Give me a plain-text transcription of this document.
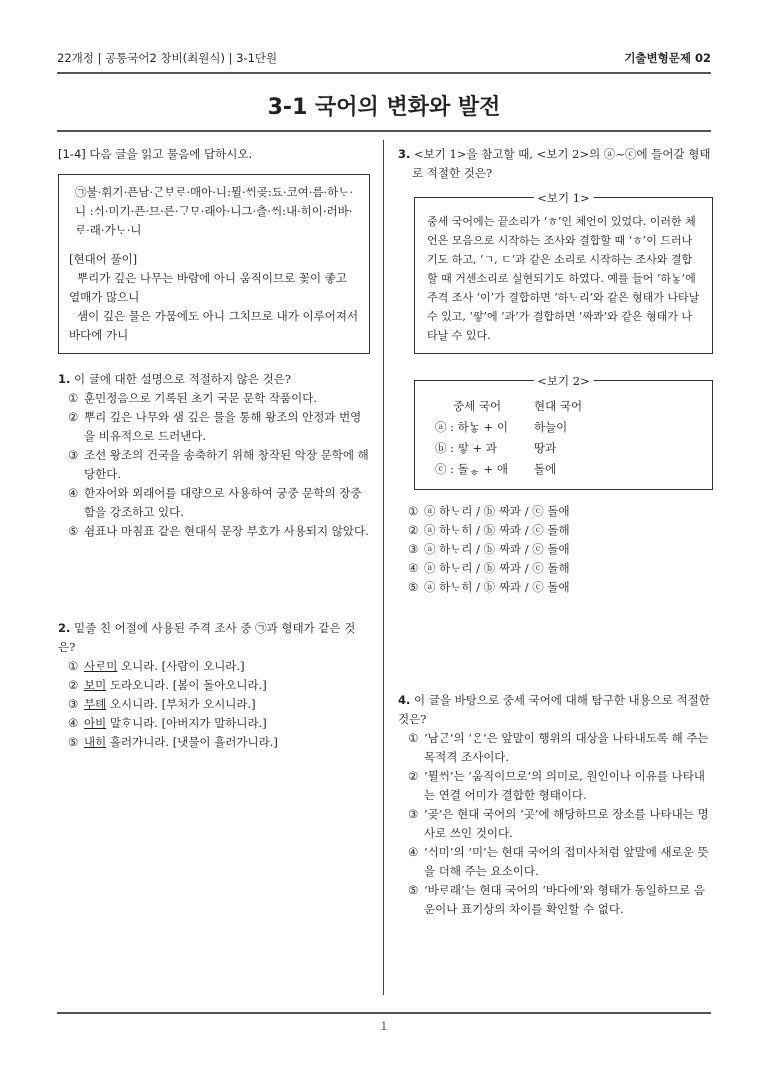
22개정 | 공통국어2 창비(최원식) | 3-1단원	기출변형문제 02
3-1 국어의 변화와 발전

[1-4] 다음 글을 읽고 물음에 답하시오.

㉠불·휘기·픈남·ᄀᆞᆫᄇᆞᄅᆞ·매아·니:뮐·ᄊᆡ곶:됴·코여·름·하ᄂᆞ·니 :ᄉᆡ·미기·픈·므·른·ᄀᆞᄆᆞ·래아·니그·츨·ᄊᆡ:내·히이·러바·ᄅᆞ·래·가ᄂᆞ·니

[현대어 풀이]

뿌리가 깊은 나무는 바람에 아니 움직이므로 꽃이 좋고 열매가 많으니

샘이 깊은 물은 가뭄에도 아니 그치므로 내가 이루어져서 바다에 가니

1. 이 글에 대한 설명으로 적절하지 않은 것은?

① 훈민정음으로 기록된 초기 국문 문학 작품이다.

② 뿌리 깊은 나무와 샘 깊은 물을 통해 왕조의 안정과 번영을 비유적으로 드러낸다.

③ 조선 왕조의 건국을 송축하기 위해 창작된 악장 문학에 해당한다.

④ 한자어와 외래어를 대량으로 사용하여 궁중 문학의 장중함을 강조하고 있다.

⑤ 쉼표나 마침표 같은 현대식 문장 부호가 사용되지 않았다.

2. 밑줄 친 어절에 사용된 주격 조사 중 ㉠과 형태가 같은 것은?

① 사ᄅᆞ미 오니라. [사람이 오니라.]

② 보미 도라오니라. [봄이 돌아오니라.]

③ 부톄 오시니라. [부처가 오시니라.]

④ 아비 말ᄒᆞ니라. [아버지가 말하니라.]

⑤ 내히 흘러가니라. [냇물이 흘러가니라.]

3. <보기 1>을 참고할 때, <보기 2>의 ⓐ~ⓒ에 들어갈 형태로 적절한 것은?

<보기 1>

중세 국어에는 끝소리가 ‘ㅎ’인 체언이 있었다. 이러한 체언은 모음으로 시작하는 조사와 결합할 때 ‘ㅎ’이 드러나기도 하고, ‘ㄱ, ㄷ’과 같은 소리로 시작하는 조사와 결합할 때 거센소리로 실현되기도 하였다. 예를 들어 ‘하ᄂᆞᇂ’에 주격 조사 ‘이’가 결합하면 ‘하ᄂᆞ리’와 같은 형태가 나타날 수 있고, ‘ᄶᅡᇂ’에 ‘과’가 결합하면 ‘ᄶᅡ콰’와 같은 형태가 나타날 수 있다.

<보기 2>
중세 국어	현대 국어
ⓐ : 하ᄂᆞᇂ + 이	하늘이
ⓑ : ᄶᅡᇂ + 과	땅과
ⓒ : 돌ᇂ + 애	돌에

① ⓐ 하ᄂᆞ리 / ⓑ ᄶᅡ과 / ⓒ 돌애

② ⓐ 하ᄂᆞ히 / ⓑ ᄶᅡ콰 / ⓒ 돌해

③ ⓐ 하ᄂᆞ리 / ⓑ ᄶᅡ콰 / ⓒ 돌애

④ ⓐ 하ᄂᆞ리 / ⓑ ᄶᅡ과 / ⓒ 돌해

⑤ ⓐ 하ᄂᆞ히 / ⓑ ᄶᅡ과 / ⓒ 돌애

4. 이 글을 바탕으로 중세 국어에 대해 탐구한 내용으로 적절한 것은?

① ‘남ᄀᆞᆫ’의 ‘ᄋᆞᆫ’은 앞말이 행위의 대상을 나타내도록 해 주는 목적격 조사이다.

② ‘뮐ᄊᆡ’는 ‘움직이므로’의 의미로, 원인이나 이유를 나타내는 연결 어미가 결합한 형태이다.

③ ‘곶’은 현대 국어의 ‘곳’에 해당하므로 장소를 나타내는 명사로 쓰인 것이다.

④ ‘ᄉᆡ미’의 ‘미’는 현대 국어의 접미사처럼 앞말에 새로운 뜻을 더해 주는 요소이다.

⑤ ‘바ᄅᆞ래’는 현대 국어의 ‘바다에’와 형태가 동일하므로 음운이나 표기상의 차이를 확인할 수 없다.

1
